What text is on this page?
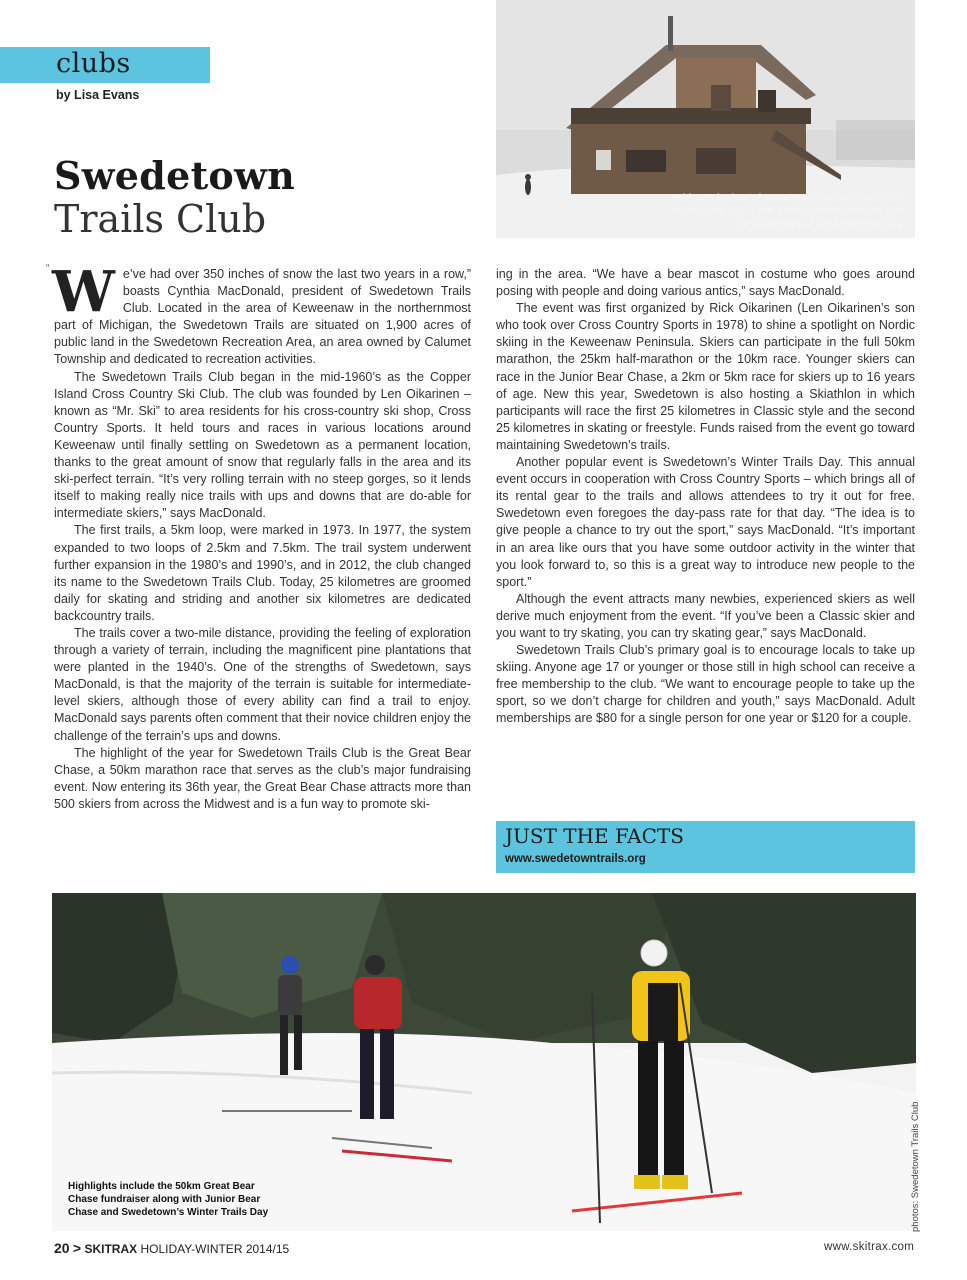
clubs
by Lisa Evans
Swedetown
Trails Club	With 350 inches of snow, Swedetown features 25 kilometres of superb trails on rolling terrain with six kilometres of backcountry trails.
“ We’ve had over 350 inches of snow the last two years in a row,” boasts Cynthia MacDonald, president of Swedetown Trails Club. Located in the area of Keweenaw in the northernmost part of Michigan, the Swedetown Trails are situated on 1,900 acres of public land in the Swedetown Recreation Area, an area owned by Calumet Township and dedicated to recreation activities.

The Swedetown Trails Club began in the mid-1960’s as the Copper Island Cross Country Ski Club. The club was founded by Len Oikarinen – known as “Mr. Ski” to area residents for his cross-country ski shop, Cross Country Sports. It held tours and races in various locations around Keweenaw until finally settling on Swedetown as a permanent location, thanks to the great amount of snow that regularly falls in the area and its ski-perfect terrain. “It’s very rolling terrain with no steep gorges, so it lends itself to making really nice trails with ups and downs that are do-able for intermediate skiers,” says MacDonald.

The first trails, a 5km loop, were marked in 1973. In 1977, the system expanded to two loops of 2.5km and 7.5km. The trail system underwent further expansion in the 1980’s and 1990’s, and in 2012, the club changed its name to the Swedetown Trails Club. Today, 25 kilometres are groomed daily for skating and striding and another six kilometres are dedicated backcountry trails.

The trails cover a two-mile distance, providing the feeling of exploration through a variety of terrain, including the magnificent pine plantations that were planted in the 1940’s. One of the strengths of Swedetown, says MacDonald, is that the majority of the terrain is suitable for intermediate-level skiers, although those of every ability can find a trail to enjoy. MacDonald says parents often comment that their novice children enjoy the challenge of the terrain’s ups and downs.

The highlight of the year for Swedetown Trails Club is the Great Bear Chase, a 50km marathon race that serves as the club’s major fundraising event. Now entering its 36th year, the Great Bear Chase attracts more than 500 skiers from across the Midwest and is a fun way to promote ski-

ing in the area. “We have a bear mascot in costume who goes around posing with people and doing various antics,” says MacDonald.

The event was first organized by Rick Oikarinen (Len Oikarinen’s son who took over Cross Country Sports in 1978) to shine a spotlight on Nordic skiing in the Keweenaw Peninsula. Skiers can participate in the full 50km marathon, the 25km half-marathon or the 10km race. Younger skiers can race in the Junior Bear Chase, a 2km or 5km race for skiers up to 16 years of age. New this year, Swedetown is also hosting a Skiathlon in which participants will race the first 25 kilometres in Classic style and the second 25 kilometres in skating or freestyle. Funds raised from the event go toward maintaining Swedetown’s trails.

Another popular event is Swedetown’s Winter Trails Day. This annual event occurs in cooperation with Cross Country Sports – which brings all of its rental gear to the trails and allows attendees to try it out for free. Swedetown even foregoes the day-pass rate for that day. “The idea is to give people a chance to try out the sport,” says MacDonald. “It’s important in an area like ours that you have some outdoor activity in the winter that you look forward to, so this is a great way to introduce new people to the sport.”

Although the event attracts many newbies, experienced skiers as well derive much enjoyment from the event. “If you’ve been a Classic skier and you want to try skating, you can try skating gear,” says MacDonald.

Swedetown Trails Club’s primary goal is to encourage locals to take up skiing. Anyone age 17 or younger or those still in high school can receive a free membership to the club. “We want to encourage people to take up the sport, so we don’t charge for children and youth,” says MacDonald. Adult memberships are $80 for a single person for one year or $120 for a couple.

JUST THE FACTS
www.swedetowntrails.org
Highlights include the 50km Great Bear Chase fundraiser along with Junior Bear Chase and Swedetown’s Winter Trails Day	photos: Swedetown Trails Club
20 > SKITRAX HOLIDAY-WINTER 2014/15	www.skitrax.com
